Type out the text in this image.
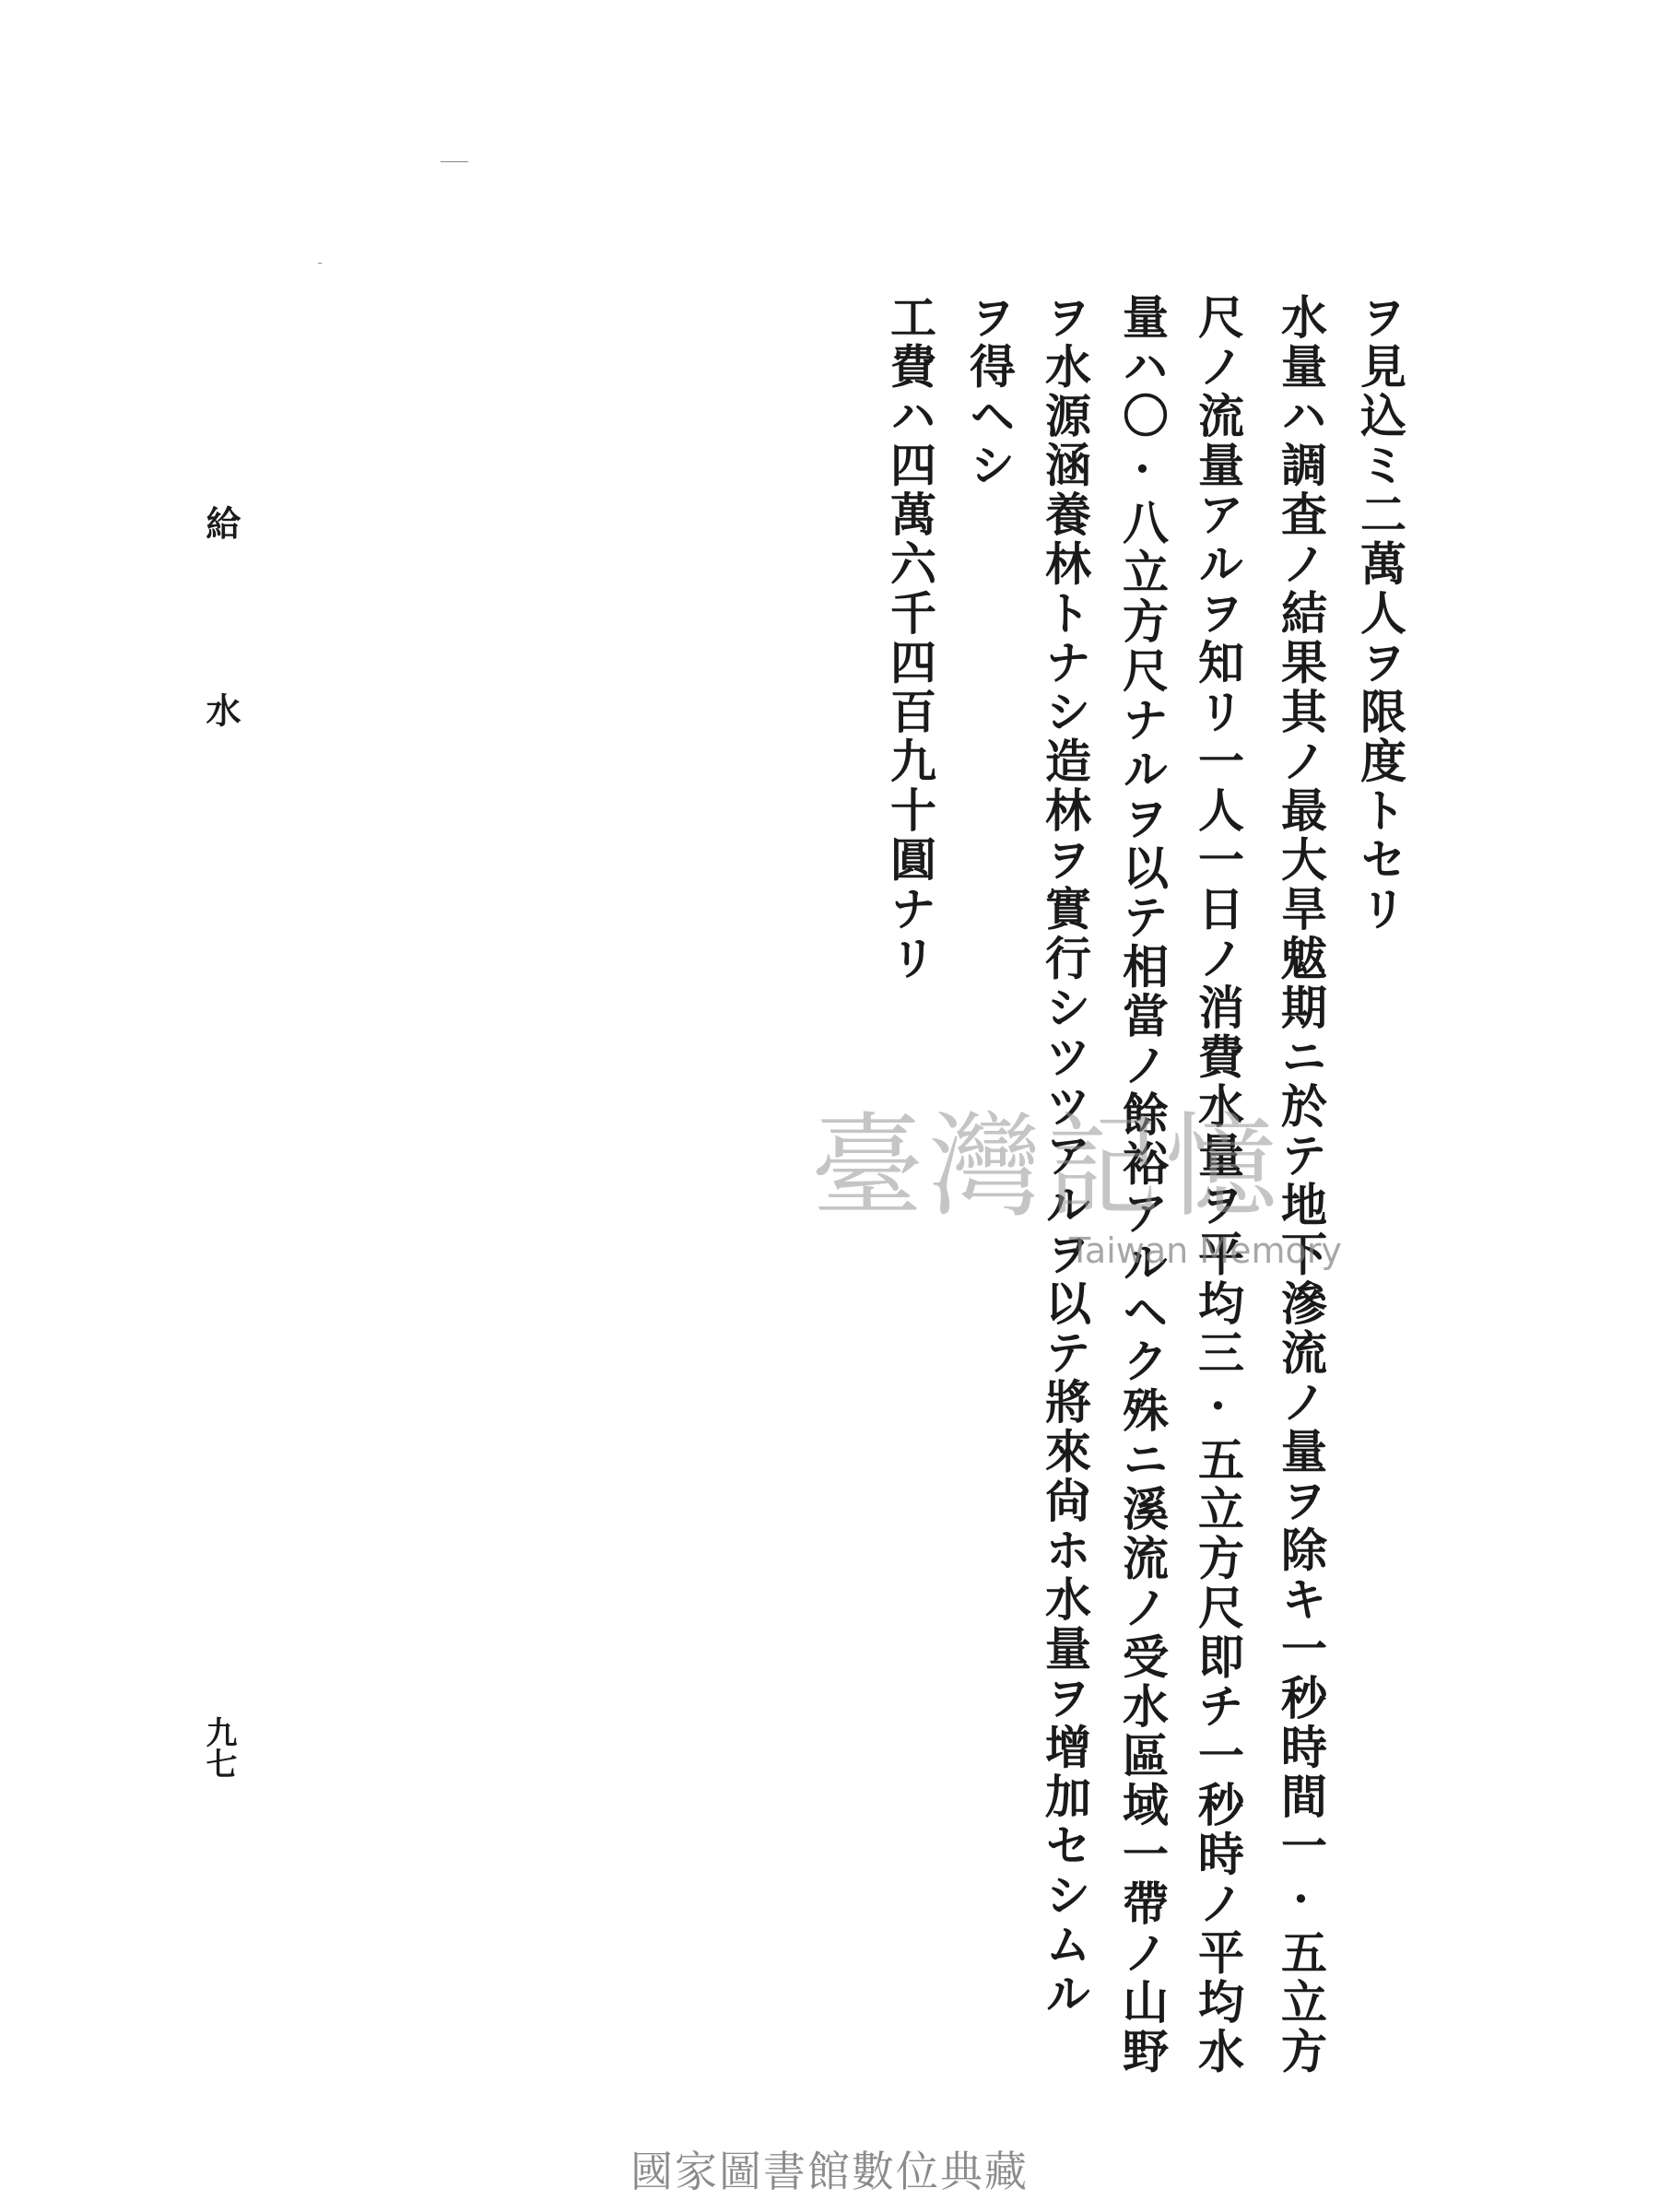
ヲ見込ミ二萬人ヲ限度トセリ
水量ハ調査ノ結果其ノ最大旱魃期ニ於テ地下滲流ノ量ヲ除キ一秒時間一·五立方
尺ノ流量アルヲ知リ一人一日ノ消費水量ヲ平均三·五立方尺即チ一秒時ノ平均水
量ハ〇·八立方尺ナルヲ以テ相當ノ餘裕アルヘク殊ニ溪流ノ受水區域一帶ノ山野
ヲ水源涵養林トナシ造林ヲ實行シツツアルヲ以テ將來尙ホ水量ヲ增加セシムル
ヲ得ヘシ
工費ハ四萬六千四百九十圓ナリ
給 水
九七
臺灣記憶
Taiwan Memory
國家圖書館數位典藏
